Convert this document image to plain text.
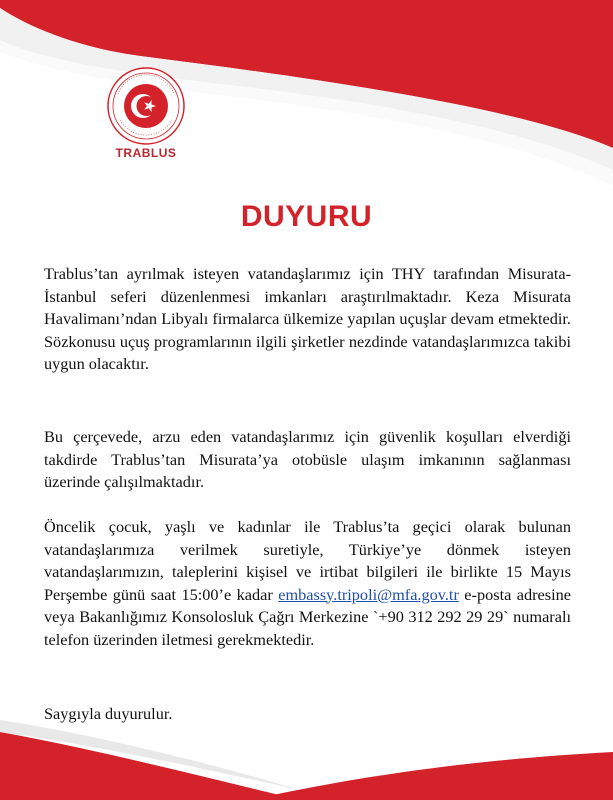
TRABLUS
DUYURU

Trablus’tan ayrılmak isteyen vatandaşlarımız için THY tarafından Misurata-İstanbul seferi düzenlenmesi imkanları araştırılmaktadır. Keza Misurata Havalimanı’ndan Libyalı firmalarca ülkemize yapılan uçuşlar devam etmektedir. Sözkonusu uçuş programlarının ilgili şirketler nezdinde vatandaşlarımızca takibi uygun olacaktır.

Bu çerçevede, arzu eden vatandaşlarımız için güvenlik koşulları elverdiği takdirde Trablus’tan Misurata’ya otobüsle ulaşım imkanının sağlanması üzerinde çalışılmaktadır.

Öncelik çocuk, yaşlı ve kadınlar ile Trablus’ta geçici olarak bulunan vatandaşlarımıza verilmek suretiyle, Türkiye’ye dönmek isteyen vatandaşlarımızın, taleplerini kişisel ve irtibat bilgileri ile birlikte 15 Mayıs Perşembe günü saat 15:00’e kadar embassy.tripoli@mfa.gov.tr e-posta adresine veya Bakanlığımız Konsolosluk Çağrı Merkezine `+90 312 292 29 29` numaralı telefon üzerinden iletmesi gerekmektedir.

Saygıyla duyurulur.
